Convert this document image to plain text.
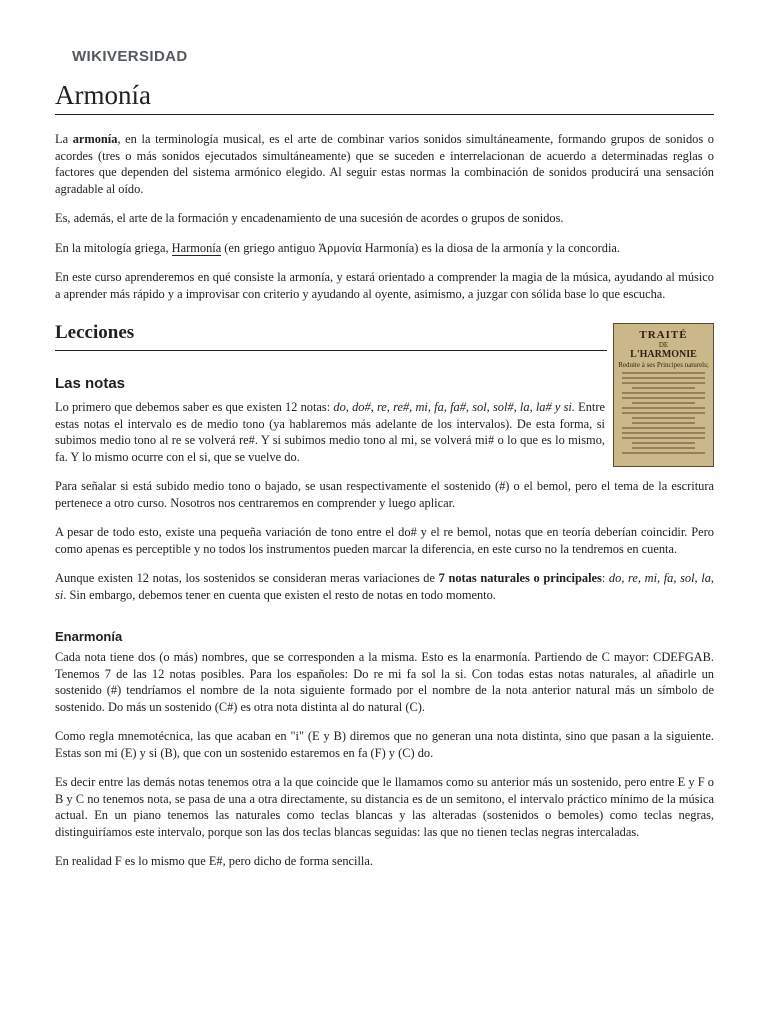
WIKIVERSIDAD
Armonía

La armonía, en la terminología musical, es el arte de combinar varios sonidos simultáneamente, formando grupos de sonidos o acordes (tres o más sonidos ejecutados simultáneamente) que se suceden e interrelacionan de acuerdo a determinadas reglas o factores que dependen del sistema armónico elegido. Al seguir estas normas la combinación de sonidos producirá una sensación agradable al oído.

Es, además, el arte de la formación y encadenamiento de una sucesión de acordes o grupos de sonidos.

En la mitología griega, Harmonía (en griego antiguo Ἁρμονία Harmonía) es la diosa de la armonía y la concordia.

En este curso aprenderemos en qué consiste la armonía, y estará orientado a comprender la magia de la música, ayudando al músico a aprender más rápido y a improvisar con criterio y ayudando al oyente, asimismo, a juzgar con sólida base lo que escucha.

Lecciones	TRAITÉ
DE
L'HARMONIE
Reduite à ses Principes naturels;
Las notas

Lo primero que debemos saber es que existen 12 notas: do, do#, re, re#, mi, fa, fa#, sol, sol#, la, la# y si. Entre estas notas el intervalo es de medio tono (ya hablaremos más adelante de los intervalos). De esta forma, si subimos medio tono al re se volverá re#. Y si subimos medio tono al mi, se volverá mi# o lo que es lo mismo, fa. Y lo mismo ocurre con el si, que se vuelve do.

Para señalar si está subido medio tono o bajado, se usan respectivamente el sostenido (#) o el bemol, pero el tema de la escritura pertenece a otro curso. Nosotros nos centraremos en comprender y luego aplicar.

A pesar de todo esto, existe una pequeña variación de tono entre el do# y el re bemol, notas que en teoría deberían coincidir. Pero como apenas es perceptible y no todos los instrumentos pueden marcar la diferencia, en este curso no la tendremos en cuenta.

Aunque existen 12 notas, los sostenidos se consideran meras variaciones de 7 notas naturales o principales: do, re, mi, fa, sol, la, si. Sin embargo, debemos tener en cuenta que existen el resto de notas en todo momento.

Enarmonía

Cada nota tiene dos (o más) nombres, que se corresponden a la misma. Esto es la enarmonía. Partiendo de C mayor: CDEFGAB. Tenemos 7 de las 12 notas posibles. Para los españoles: Do re mi fa sol la si. Con todas estas notas naturales, al añadirle un sostenido (#) tendríamos el nombre de la nota siguiente formado por el nombre de la nota anterior natural más un símbolo de sostenido. Do más un sostenido (C#) es otra nota distinta al do natural (C).

Como regla mnemotécnica, las que acaban en "i" (E y B) diremos que no generan una nota distinta, sino que pasan a la siguiente. Estas son mi (E) y si (B), que con un sostenido estaremos en fa (F) y (C) do.

Es decir entre las demás notas tenemos otra a la que coincide que le llamamos como su anterior más un sostenido, pero entre E y F o B y C no tenemos nota, se pasa de una a otra directamente, su distancia es de un semitono, el intervalo práctico mínimo de la música actual. En un piano tenemos las naturales como teclas blancas y las alteradas (sostenidos o bemoles) como teclas negras, distinguiríamos este intervalo, porque son las dos teclas blancas seguidas: las que no tienen teclas negras intercaladas.

En realidad F es lo mismo que E#, pero dicho de forma sencilla.
